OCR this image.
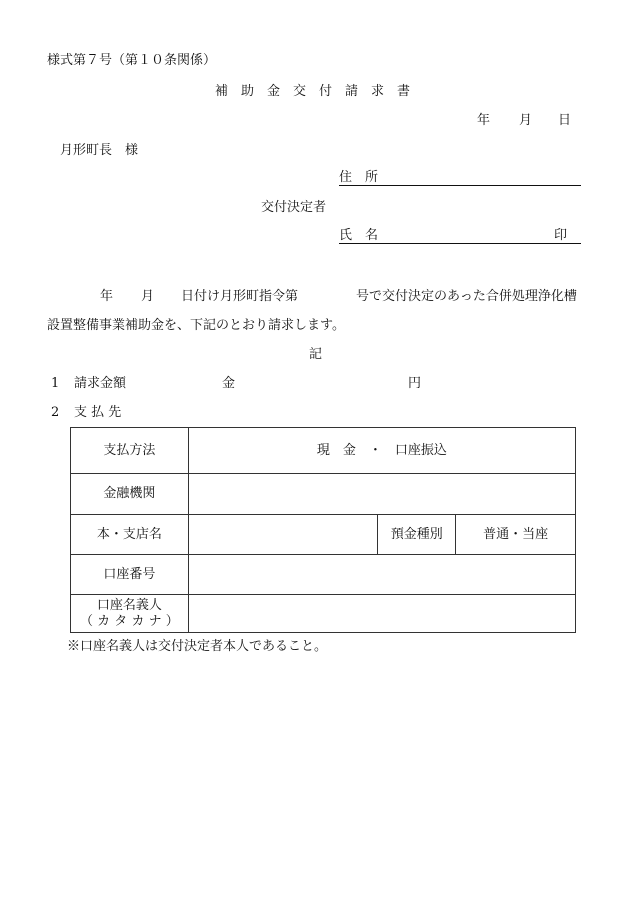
様式第７号（第１０条関係）
補　助　金　交　付　請　求　書
年 月 日
月形町長　様
住　所
交付決定者
氏　名	印
年 月 日付け月形町指令第	号で交付決定のあった合併処理浄化槽
設置整備事業補助金を、下記のとおり請求します。
記
1 請求金額	金	円
2 支 払 先
支払方法	現　金　・　口座振込		
金融機関			
本・支店名		預金種別	普通・当座
口座番号			

口座名義人
（ カ タ カ ナ ）			

※口座名義人は交付決定者本人であること。
